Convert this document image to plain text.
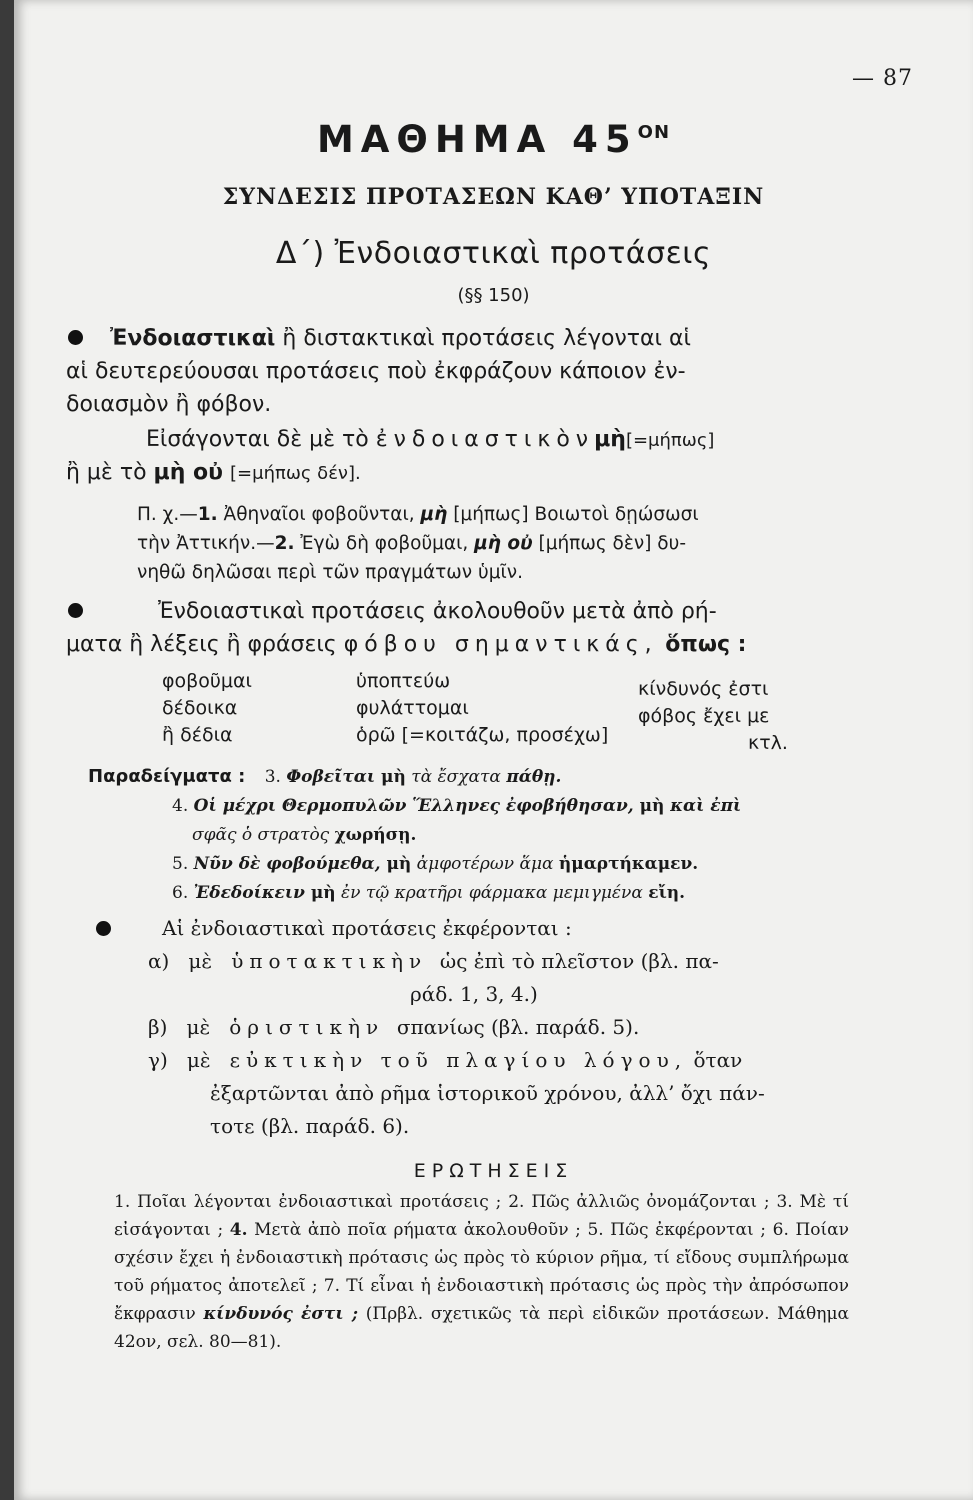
— 87
ΜΑΘΗΜΑ $45^{ON}$
ΣΥΝΔΕΣΙΣ ΠΡΟΤΑΣΕΩΝ ΚΑΘ’ ΥΠΟΤΑΞΙΝ
Δ΄) Ἐνδοιαστικαὶ προτάσεις
(§§ 150)
Ἐνδοιαστικαὶ ἢ διστακτικαὶ προτάσεις λέγονται αἱ
αἱ δευτερεύουσαι προτάσεις ποὺ ἐκφράζουν κάποιον ἐν-
δοιασμὸν ἢ φόβον.
Εἰσάγονται δὲ μὲ τὸ ἐνδοιαστικὸνμὴ[=μήπως]
ἢ μὲ τὸ μὴ οὐ [=μήπως δέν].
Π. χ.—1. Ἀθηναῖοι φοβοῦνται, μὴ [μήπως] Βοιωτοὶ δῃώσωσι
τὴν Ἀττικήν.—2. Ἐγὼ δὴ φοβοῦμαι, μὴ οὐ [μήπως δὲν] δυ-
νηθῶ δηλῶσαι περὶ τῶν πραγμάτων ὑμῖν.
Ἐνδοιαστικαὶ προτάσεις ἀκολουθοῦν μετὰ ἀπὸ ρή-
ματα ἢ λέξεις ἢ φράσεις φόβου σημαντικάς, ὅπως :
φοβοῦμαι
δέδοικα
ἢ δέδια
ὑποπτεύω
φυλάττομαι
ὁρῶ [=κοιτάζω, προσέχω]
κίνδυνός ἐστι
φόβος ἔχει με
κτλ.
Παραδείγματα : 3. Φοβεῖται μὴ τὰ ἔσχατα πάθῃ.
4. Οἱ μέχρι Θερμοπυλῶν Ἕλληνες ἐφοβήθησαν, μὴ καὶ ἐπὶ
σφᾶς ὁ στρατὸς χωρήσῃ.
5. Νῦν δὲ φοβούμεθα, μὴ ἀμφοτέρων ἅμα ἡμαρτήκαμεν.
6. Ἐδεδοίκειν μὴ ἐν τῷ κρατῆρι φάρμακα μεμιγμένα εἴη.
Αἱ ἐνδοιαστικαὶ προτάσεις ἐκφέρονται :
α) μὲ ὑποτακτικὴν ὡς ἐπὶ τὸ πλεῖστον (βλ. πα-
ράδ. 1, 3, 4.)
β) μὲ ὁριστικὴν σπανίως (βλ. παράδ. 5).
γ) μὲ εὐκτικὴν τοῦ πλαγίου λόγου, ὅταν
ἐξαρτῶνται ἀπὸ ρῆμα ἱστορικοῦ χρόνου, ἀλλ’ ὄχι πάν-
τοτε (βλ. παράδ. 6).
ΕΡΩΤΗΣΕΙΣ
1. Ποῖαι λέγονται ἐνδοιαστικαὶ προτάσεις ; 2. Πῶς ἀλλιῶς ὀνομάζονται ; 3. Μὲ τί εἰσάγονται ; 4. Μετὰ ἀπὸ ποῖα ρήματα ἀκολουθοῦν ; 5. Πῶς ἐκφέρονται ; 6. Ποίαν σχέσιν ἔχει ἡ ἐνδοιαστικὴ πρότασις ὡς πρὸς τὸ κύριον ρῆμα, τί εἴδους συμπλήρωμα τοῦ ρήματος ἀποτελεῖ ; 7. Τί εἶναι ἡ ἐνδοιαστικὴ πρότασις ὡς πρὸς τὴν ἀπρόσωπον ἔκφρασιν κίνδυνός ἐστι ; (Πρβλ. σχετικῶς τὰ περὶ εἰδικῶν προτάσεων. Μάθημα 42ον, σελ. 80—81).
